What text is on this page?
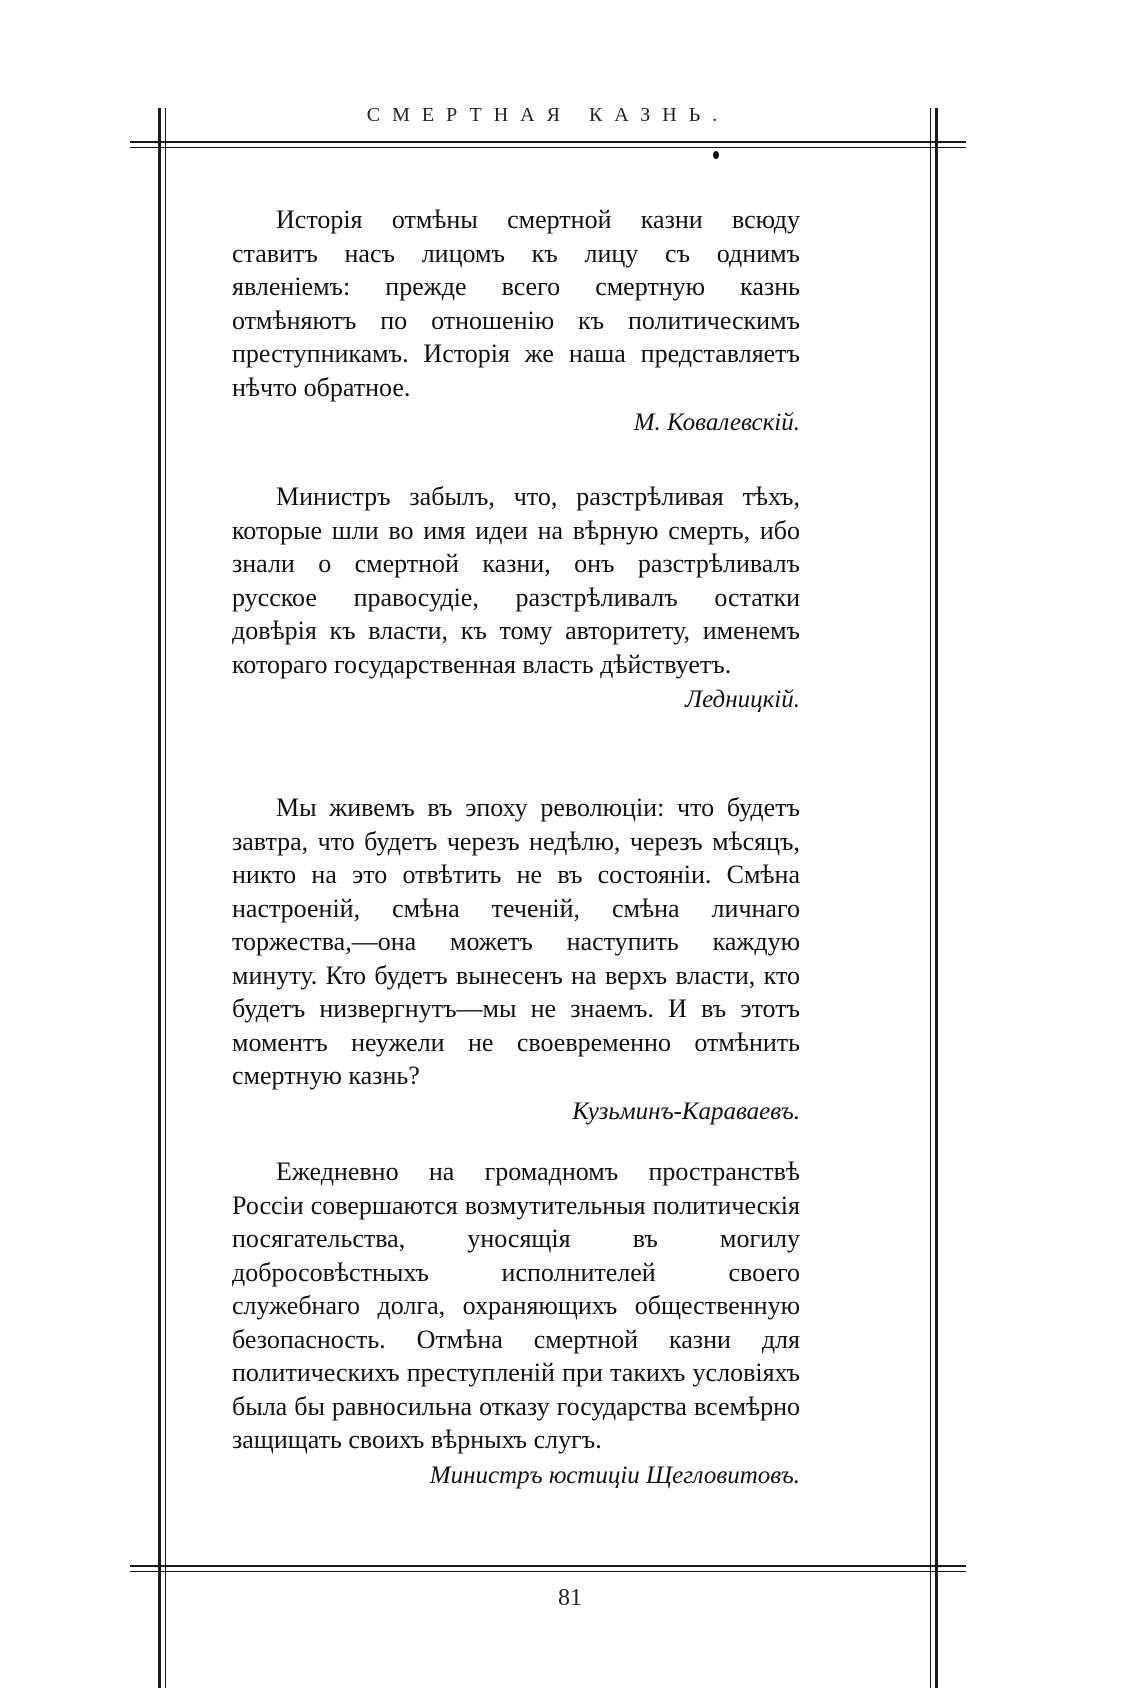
СМЕРТНАЯ КАЗНЬ.

Исторія отмѣны смертной казни всюду ставитъ насъ лицомъ къ лицу съ однимъ явленіемъ: прежде всего смертную казнь отмѣняютъ по отношенію къ политическимъ преступникамъ. Исторія же наша представляетъ нѣчто обратное.

М. Ковалевскій.

Министръ забылъ, что, разстрѣливая тѣхъ, которые шли во имя идеи на вѣрную смерть, ибо знали о смертной казни, онъ разстрѣливалъ русское правосудіе, разстрѣливалъ остатки довѣрія къ власти, къ тому авторитету, именемъ котораго государственная власть дѣйствуетъ.

Ледницкій.

Мы живемъ въ эпоху революціи: что будетъ завтра, что будетъ черезъ недѣлю, черезъ мѣсяцъ, никто на это отвѣтить не въ состояніи. Смѣна настроеній, смѣна теченій, смѣна личнаго торжества,—она можетъ наступить каждую минуту. Кто будетъ вынесенъ на верхъ власти, кто будетъ низвергнутъ—мы не знаемъ. И въ этотъ моментъ неужели не своевременно отмѣнить смертную казнь?

Кузьминъ-Караваевъ.

Ежедневно на громадномъ пространствѣ Россіи совершаются возмутительныя политическія посягательства, уносящія въ могилу добросовѣстныхъ исполнителей своего служебнаго долга, охраняющихъ общественную безопасность. Отмѣна смертной казни для политическихъ преступленій при такихъ условіяхъ была бы равносильна отказу государства всемѣрно защищать своихъ вѣрныхъ слугъ.

Министръ юстиціи Щегловитовъ.

81
